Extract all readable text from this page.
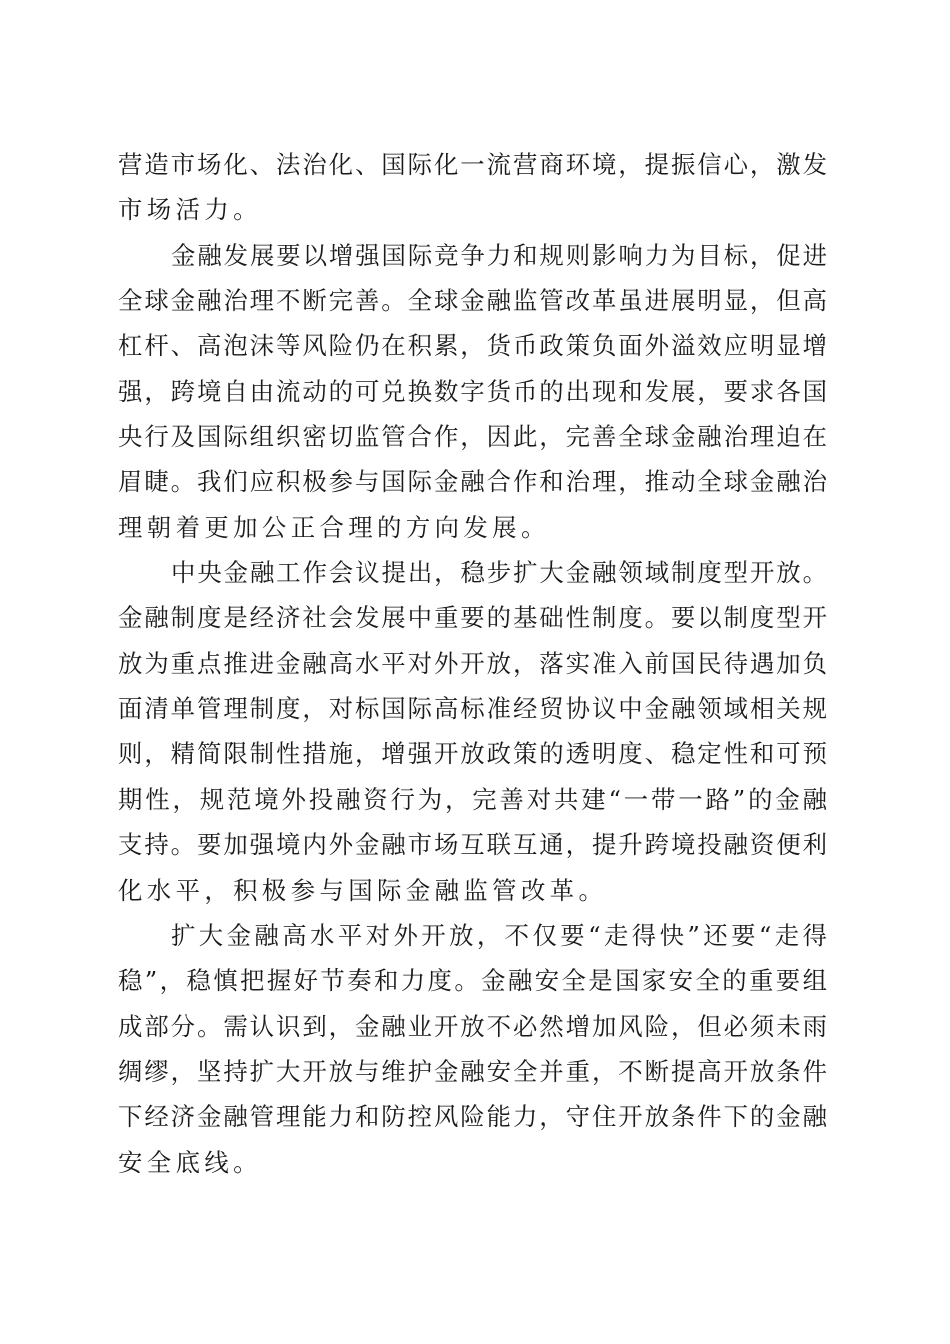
营造市场化、法治化、国际化一流营商环境，提振信心，激发
市场活力。
金融发展要以增强国际竞争力和规则影响力为目标，促进
全球金融治理不断完善。全球金融监管改革虽进展明显，但高
杠杆、高泡沫等风险仍在积累，货币政策负面外溢效应明显增
强，跨境自由流动的可兑换数字货币的出现和发展，要求各国
央行及国际组织密切监管合作，因此，完善全球金融治理迫在
眉睫。我们应积极参与国际金融合作和治理，推动全球金融治
理朝着更加公正合理的方向发展。
中央金融工作会议提出，稳步扩大金融领域制度型开放。
金融制度是经济社会发展中重要的基础性制度。要以制度型开
放为重点推进金融高水平对外开放，落实准入前国民待遇加负
面清单管理制度，对标国际高标准经贸协议中金融领域相关规
则，精简限制性措施，增强开放政策的透明度、稳定性和可预
期性，规范境外投融资行为，完善对共建“一带一路”的金融
支持。要加强境内外金融市场互联互通，提升跨境投融资便利
化水平，积极参与国际金融监管改革。
扩大金融高水平对外开放，不仅要“走得快”还要“走得
稳”，稳慎把握好节奏和力度。金融安全是国家安全的重要组
成部分。需认识到，金融业开放不必然增加风险，但必须未雨
绸缪，坚持扩大开放与维护金融安全并重，不断提高开放条件
下经济金融管理能力和防控风险能力，守住开放条件下的金融
安全底线。
